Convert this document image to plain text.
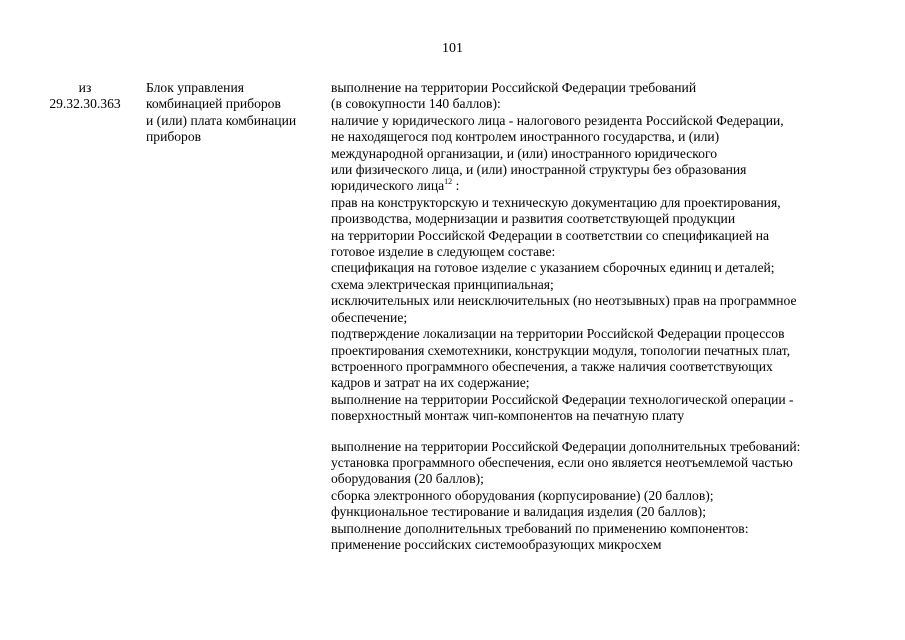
101
из
29.32.30.363
Блок управления
комбинацией приборов
и (или) плата комбинации
приборов
выполнение на территории Российской Федерации требований
(в совокупности 140 баллов):
наличие у юридического лица - налогового резидента Российской Федерации,
не находящегося под контролем иностранного государства, и (или)
международной организации, и (или) иностранного юридического
или физического лица, и (или) иностранной структуры без образования
юридического лица$^{12}$ :
прав на конструкторскую и техническую документацию для проектирования,
производства, модернизации и развития соответствующей продукции
на территории Российской Федерации в соответствии со спецификацией на
готовое изделие в следующем составе:
спецификация на готовое изделие с указанием сборочных единиц и деталей;
схема электрическая принципиальная;
исключительных или неисключительных (но неотзывных) прав на программное
обеспечение;
подтверждение локализации на территории Российской Федерации процессов
проектирования схемотехники, конструкции модуля, топологии печатных плат,
встроенного программного обеспечения, а также наличия соответствующих
кадров и затрат на их содержание;
выполнение на территории Российской Федерации технологической операции -
поверхностный монтаж чип-компонентов на печатную плату
выполнение на территории Российской Федерации дополнительных требований:
установка программного обеспечения, если оно является неотъемлемой частью
оборудования (20 баллов);
сборка электронного оборудования (корпусирование) (20 баллов);
функциональное тестирование и валидация изделия (20 баллов);
выполнение дополнительных требований по применению компонентов:
применение российских системообразующих микросхем
